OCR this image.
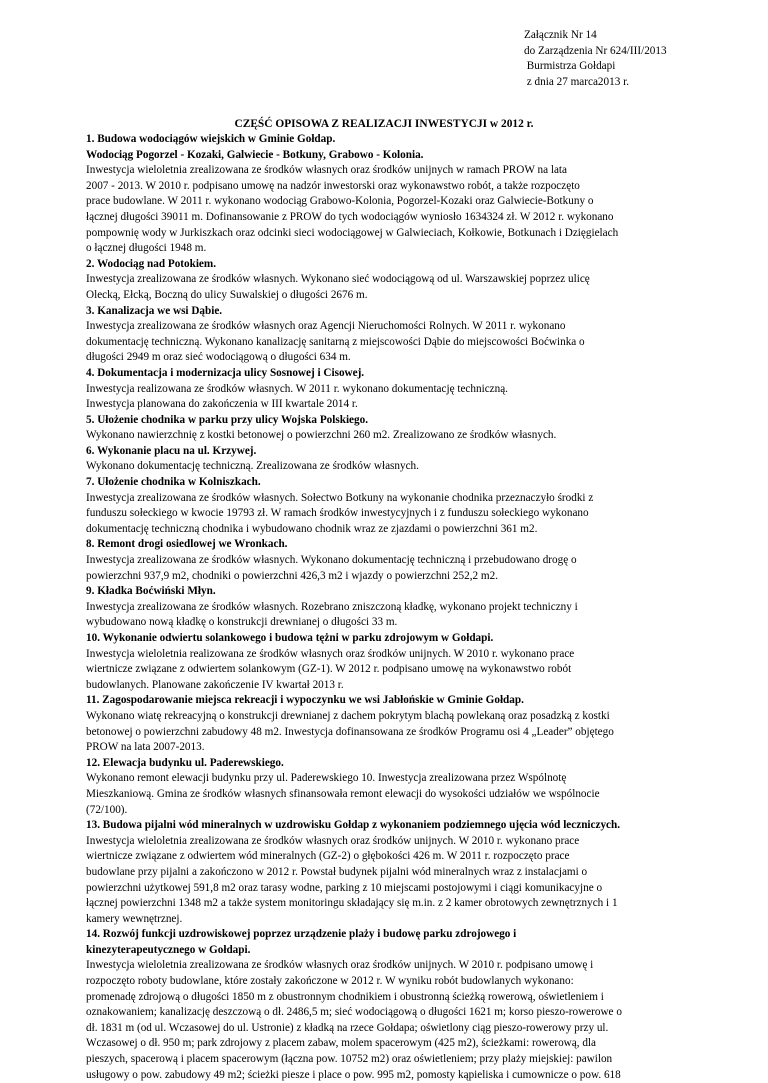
Załącznik Nr 14
do Zarządzenia Nr 624/III/2013
Burmistrza Gołdapi
z dnia 27 marca2013 r.
CZĘŚĆ OPISOWA Z REALIZACJI INWESTYCJI w 2012 r.
1. Budowa wodociągów wiejskich w Gminie Gołdap.
Wodociąg Pogorzel - Kozaki, Galwiecie - Botkuny, Grabowo - Kolonia.

Inwestycja wieloletnia zrealizowana ze środków własnych oraz środków unijnych w ramach PROW na lata
2007 - 2013. W 2010 r. podpisano umowę na nadzór inwestorski oraz wykonawstwo robót, a także rozpoczęto
prace budowlane. W 2011 r. wykonano wodociąg Grabowo-Kolonia, Pogorzel-Kozaki oraz Galwiecie-Botkuny o
łącznej długości 39011 m. Dofinansowanie z PROW do tych wodociągów wyniosło 1634324 zł. W 2012 r. wykonano
pompownię wody w Jurkiszkach oraz odcinki sieci wodociągowej w Galwieciach, Kołkowie, Botkunach i Dzięgielach
o łącznej długości 1948 m.

2. Wodociąg nad Potokiem.

Inwestycja zrealizowana ze środków własnych. Wykonano sieć wodociągową od ul. Warszawskiej poprzez ulicę
Olecką, Ełcką, Boczną do ulicy Suwalskiej o długości 2676 m.

3. Kanalizacja we wsi Dąbie.

Inwestycja zrealizowana ze środków własnych oraz Agencji Nieruchomości Rolnych. W 2011 r. wykonano
dokumentację techniczną. Wykonano kanalizację sanitarną z miejscowości Dąbie do miejscowości Boćwinka o
długości 2949 m oraz sieć wodociągową o długości 634 m.

4. Dokumentacja i modernizacja ulicy Sosnowej i Cisowej.

Inwestycja realizowana ze środków własnych. W 2011 r. wykonano dokumentację techniczną.
Inwestycja planowana do zakończenia w III kwartale 2014 r.

5. Ułożenie chodnika w parku przy ulicy Wojska Polskiego.

Wykonano nawierzchnię z kostki betonowej o powierzchni 260 m2. Zrealizowano ze środków własnych.

6. Wykonanie placu na ul. Krzywej.

Wykonano dokumentację techniczną. Zrealizowana ze środków własnych.

7. Ułożenie chodnika w Kolniszkach.

Inwestycja zrealizowana ze środków własnych. Sołectwo Botkuny na wykonanie chodnika przeznaczyło środki z
funduszu sołeckiego w kwocie 19793 zł. W ramach środków inwestycyjnych i z funduszu sołeckiego wykonano
dokumentację techniczną chodnika i wybudowano chodnik wraz ze zjazdami o powierzchni 361 m2.

8. Remont drogi osiedlowej we Wronkach.

Inwestycja zrealizowana ze środków własnych. Wykonano dokumentację techniczną i przebudowano drogę o
powierzchni 937,9 m2, chodniki o powierzchni 426,3 m2 i wjazdy o powierzchni 252,2 m2.

9. Kładka Boćwiński Młyn.

Inwestycja zrealizowana ze środków własnych. Rozebrano zniszczoną kładkę, wykonano projekt techniczny i
wybudowano nową kładkę o konstrukcji drewnianej o długości 33 m.

10. Wykonanie odwiertu solankowego i budowa tężni w parku zdrojowym w Gołdapi.

Inwestycja wieloletnia realizowana ze środków własnych oraz środków unijnych. W 2010 r. wykonano prace
wiertnicze związane z odwiertem solankowym (GZ-1). W 2012 r. podpisano umowę na wykonawstwo robót
budowlanych. Planowane zakończenie IV kwartał 2013 r.

11. Zagospodarowanie miejsca rekreacji i wypoczynku we wsi Jabłońskie w Gminie Gołdap.

Wykonano wiatę rekreacyjną o konstrukcji drewnianej z dachem pokrytym blachą powlekaną oraz posadzką z kostki
betonowej o powierzchni zabudowy 48 m2. Inwestycja dofinansowana ze środków Programu osi 4 „Leader” objętego
PROW na lata 2007-2013.

12. Elewacja budynku ul. Paderewskiego.

Wykonano remont elewacji budynku przy ul. Paderewskiego 10. Inwestycja zrealizowana przez Wspólnotę
Mieszkaniową. Gmina ze środków własnych sfinansowała remont elewacji do wysokości udziałów we wspólnocie
(72/100).

13. Budowa pijalni wód mineralnych w uzdrowisku Gołdap z wykonaniem podziemnego ujęcia wód leczniczych.

Inwestycja wieloletnia zrealizowana ze środków własnych oraz środków unijnych. W 2010 r. wykonano prace
wiertnicze związane z odwiertem wód mineralnych (GZ-2) o głębokości 426 m. W 2011 r. rozpoczęto prace
budowlane przy pijalni a zakończono w 2012 r. Powstał budynek pijalni wód mineralnych wraz z instalacjami o
powierzchni użytkowej 591,8 m2 oraz tarasy wodne, parking z 10 miejscami postojowymi i ciągi komunikacyjne o
łącznej powierzchni 1348 m2 a także system monitoringu składający się m.in. z 2 kamer obrotowych zewnętrznych i 1
kamery wewnętrznej.

14. Rozwój funkcji uzdrowiskowej poprzez urządzenie plaży i budowę parku zdrojowego i
kinezyterapeutycznego w Gołdapi.

Inwestycja wieloletnia zrealizowana ze środków własnych oraz środków unijnych. W 2010 r. podpisano umowę i
rozpoczęto roboty budowlane, które zostały zakończone w 2012 r. W wyniku robót budowlanych wykonano:
promenadę zdrojową o długości 1850 m z obustronnym chodnikiem i obustronną ścieżką rowerową, oświetleniem i
oznakowaniem; kanalizację deszczową o dł. 2486,5 m; sieć wodociągową o długości 1621 m; korso pieszo-rowerowe o
dł. 1831 m (od ul. Wczasowej do ul. Ustronie) z kładką na rzece Gołdapa; oświetlony ciąg pieszo-rowerowy przy ul.
Wczasowej o dł. 950 m; park zdrojowy z placem zabaw, molem spacerowym (425 m2), ścieżkami: rowerową, dla
pieszych, spacerową i placem spacerowym (łączna pow. 10752 m2) oraz oświetleniem; przy plaży miejskiej: pawilon
usługowy o pow. zabudowy 49 m2; ścieżki piesze i place o pow. 995 m2, pomosty kąpieliska i cumownicze o pow. 618
